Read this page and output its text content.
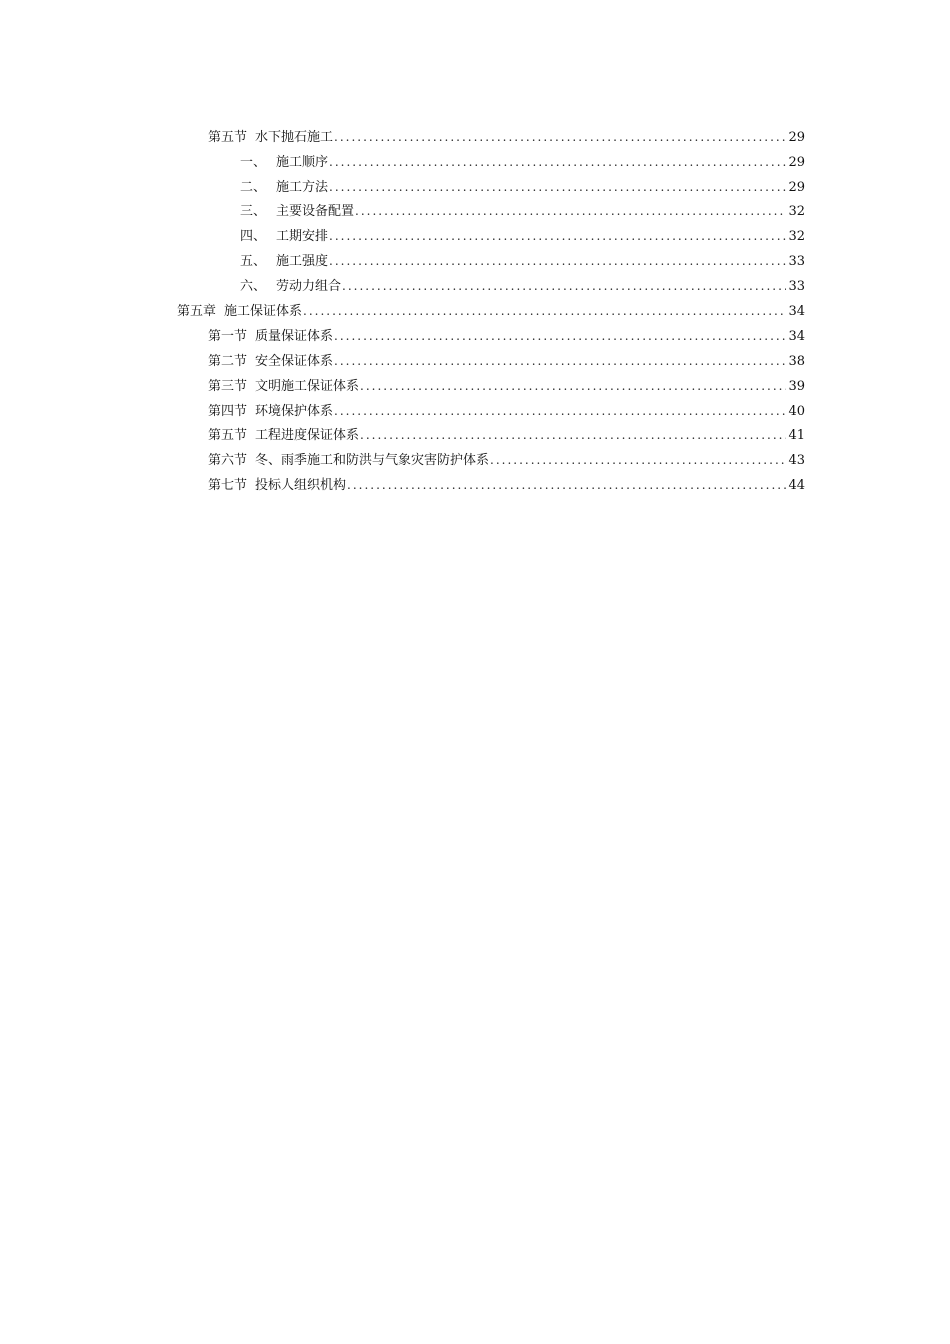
第五节 水下抛石施工 .....	29
一、 施工顺序 .....	29
二、 施工方法 .....	29
三、 主要设备配置 .....	32
四、 工期安排 .....	32
五、 施工强度 .....	33
六、 劳动力组合 .....	33
第五章 施工保证体系 .....	34
第一节 质量保证体系 .....	34
第二节 安全保证体系 .....	38
第三节 文明施工保证体系 .....	39
第四节 环境保护体系 .....	40
第五节 工程进度保证体系 .....	41
第六节 冬、雨季施工和防洪与气象灾害防护体系 .....	43
第七节 投标人组织机构 .....	44
